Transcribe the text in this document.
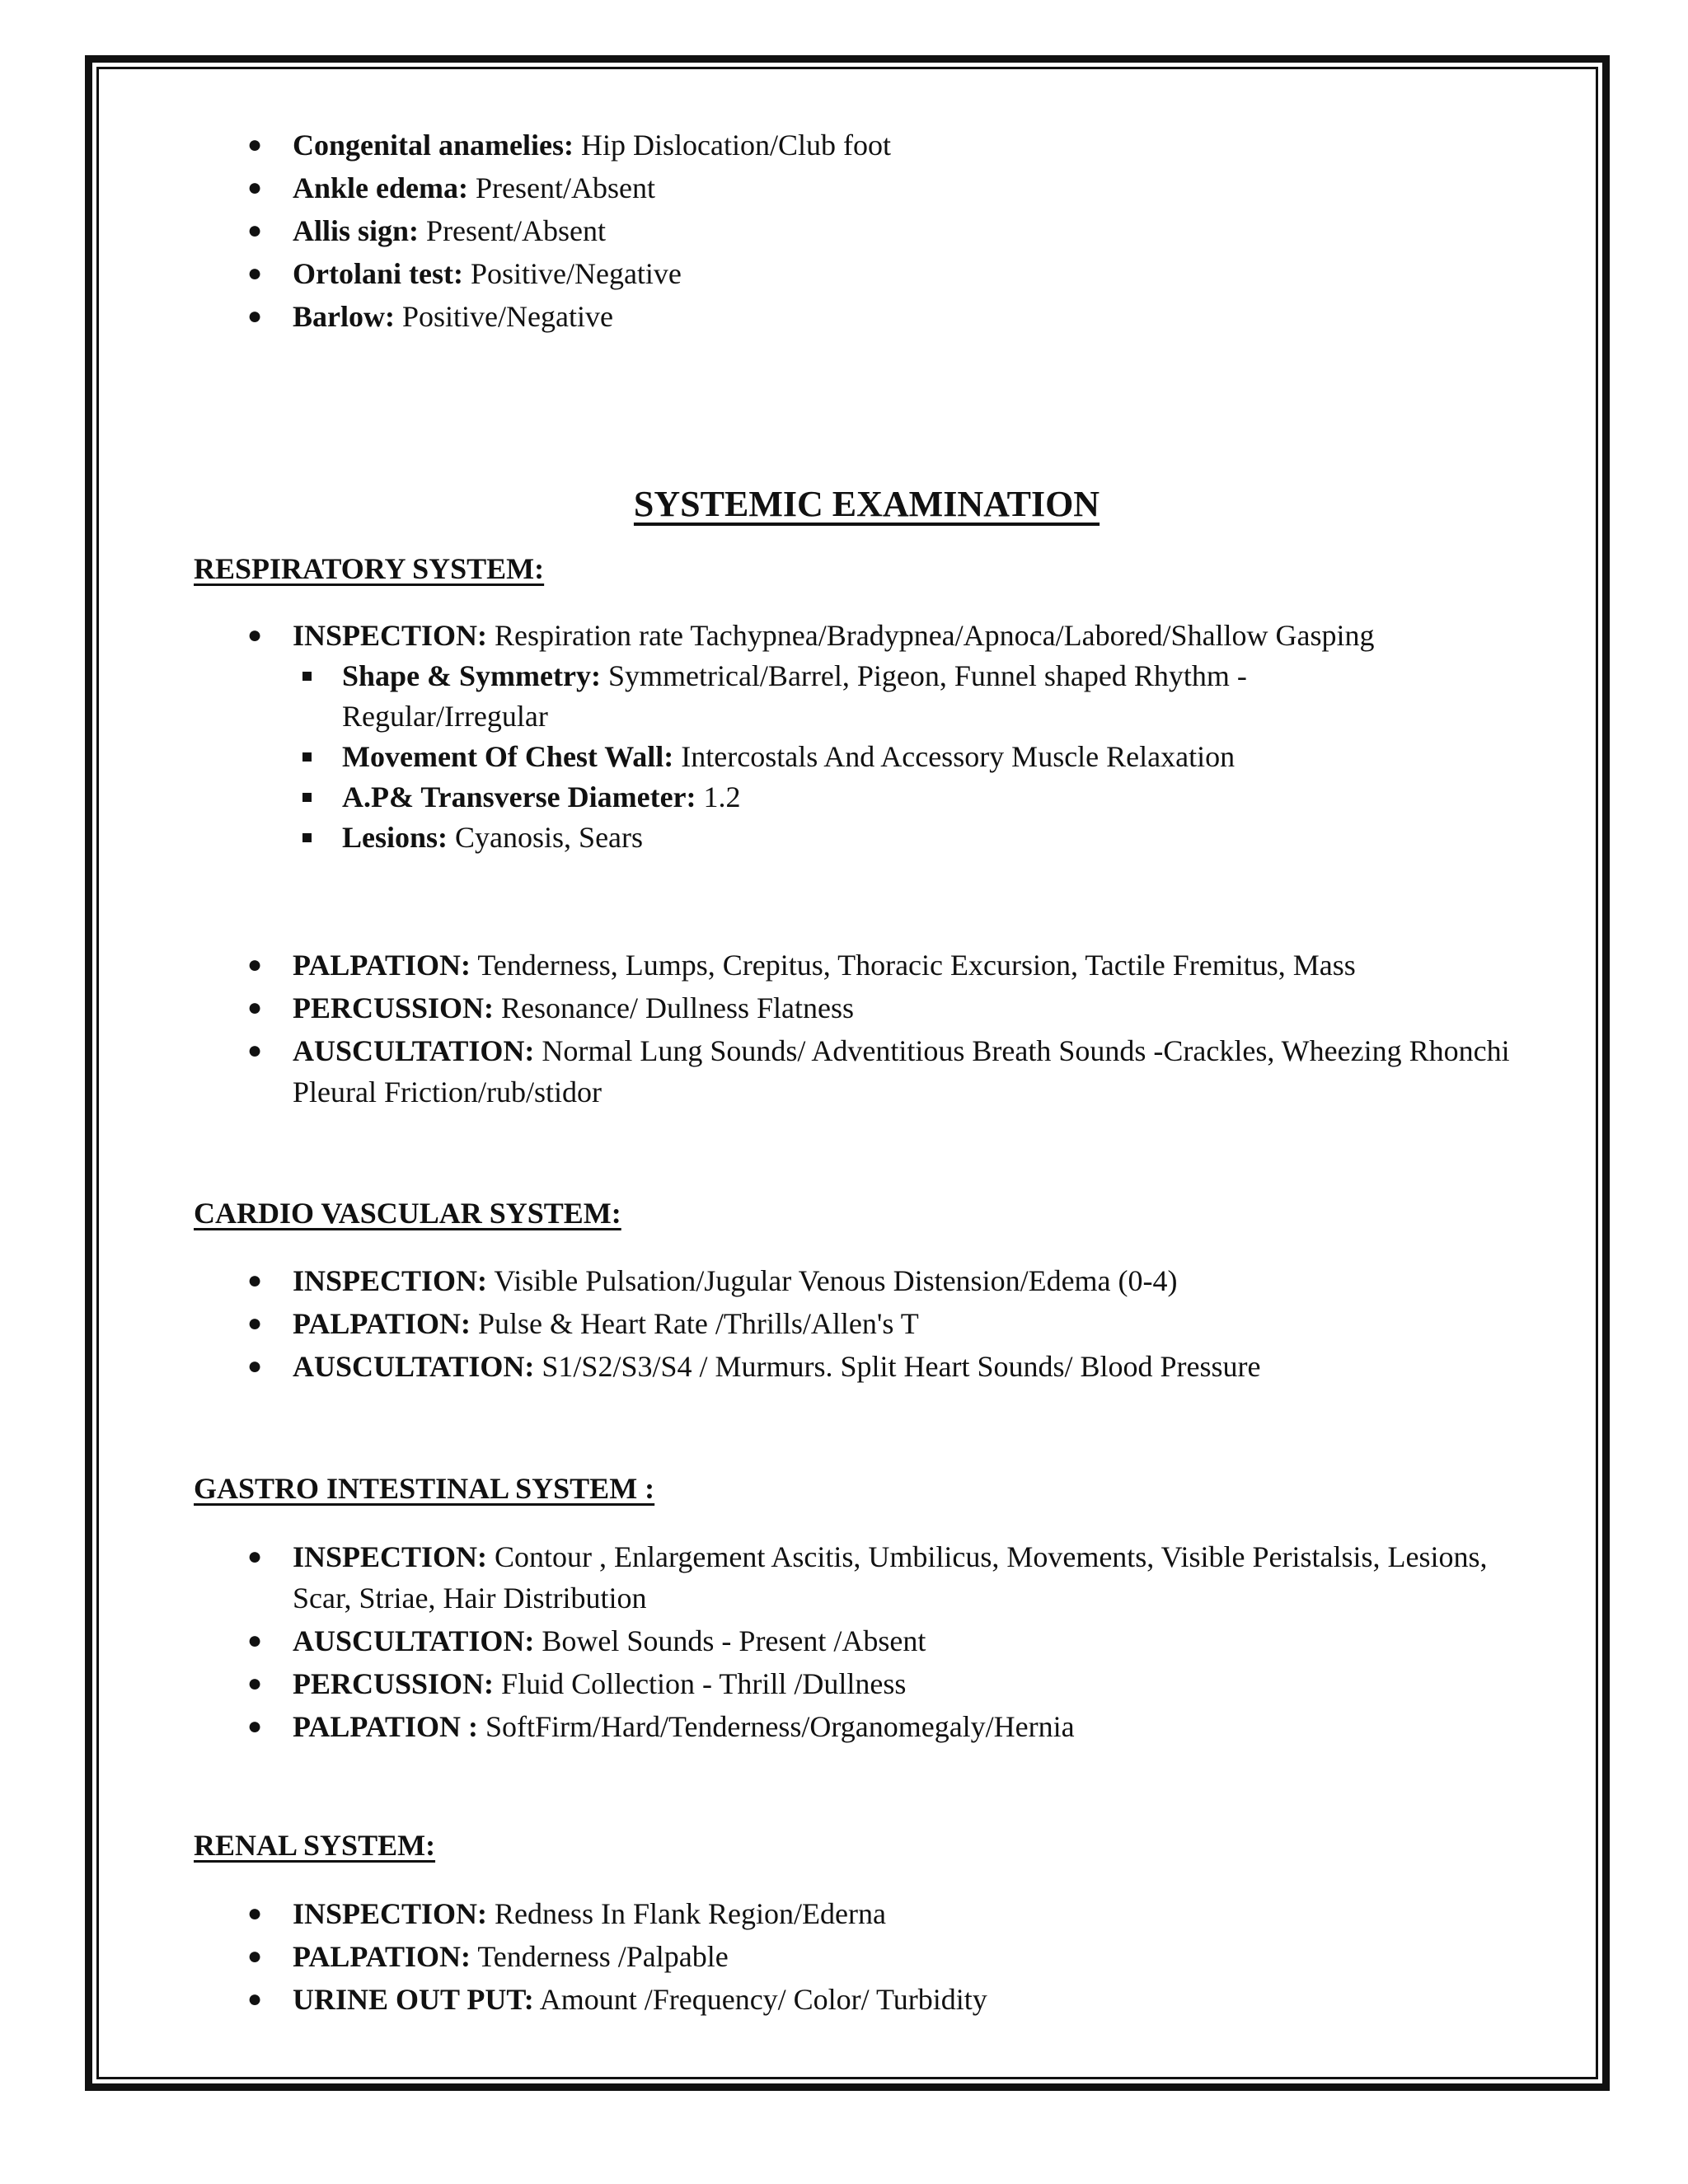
● Congenital anamelies: Hip Dislocation/Club foot
● Ankle edema: Present/Absent
● Allis sign: Present/Absent
● Ortolani test: Positive/Negative
● Barlow: Positive/Negative
SYSTEMIC EXAMINATION
RESPIRATORY SYSTEM:
● INSPECTION: Respiration rate Tachypnea/Bradypnea/Apnoca/Labored/Shallow Gasping
Shape & Symmetry: Symmetrical/Barrel, Pigeon, Funnel shaped Rhythm - Regular/Irregular
Movement Of Chest Wall: Intercostals And Accessory Muscle Relaxation
A.P& Transverse Diameter: 1.2
Lesions: Cyanosis, Sears
● PALPATION: Tenderness, Lumps, Crepitus, Thoracic Excursion, Tactile Fremitus, Mass
● PERCUSSION: Resonance/ Dullness Flatness
● AUSCULTATION: Normal Lung Sounds/ Adventitious Breath Sounds -Crackles, Wheezing Rhonchi Pleural Friction/rub/stidor
CARDIO VASCULAR SYSTEM:
● INSPECTION: Visible Pulsation/Jugular Venous Distension/Edema (0-4)
● PALPATION: Pulse & Heart Rate /Thrills/Allen's T
● AUSCULTATION: S1/S2/S3/S4 / Murmurs. Split Heart Sounds/ Blood Pressure
GASTRO INTESTINAL SYSTEM :
● INSPECTION: Contour , Enlargement Ascitis, Umbilicus, Movements, Visible Peristalsis, Lesions, Scar, Striae, Hair Distribution
● AUSCULTATION: Bowel Sounds - Present /Absent
● PERCUSSION: Fluid Collection - Thrill /Dullness
● PALPATION : SoftFirm/Hard/Tenderness/Organomegaly/Hernia
RENAL SYSTEM:
● INSPECTION: Redness In Flank Region/Ederna
● PALPATION: Tenderness /Palpable
● URINE OUT PUT: Amount /Frequency/ Color/ Turbidity
